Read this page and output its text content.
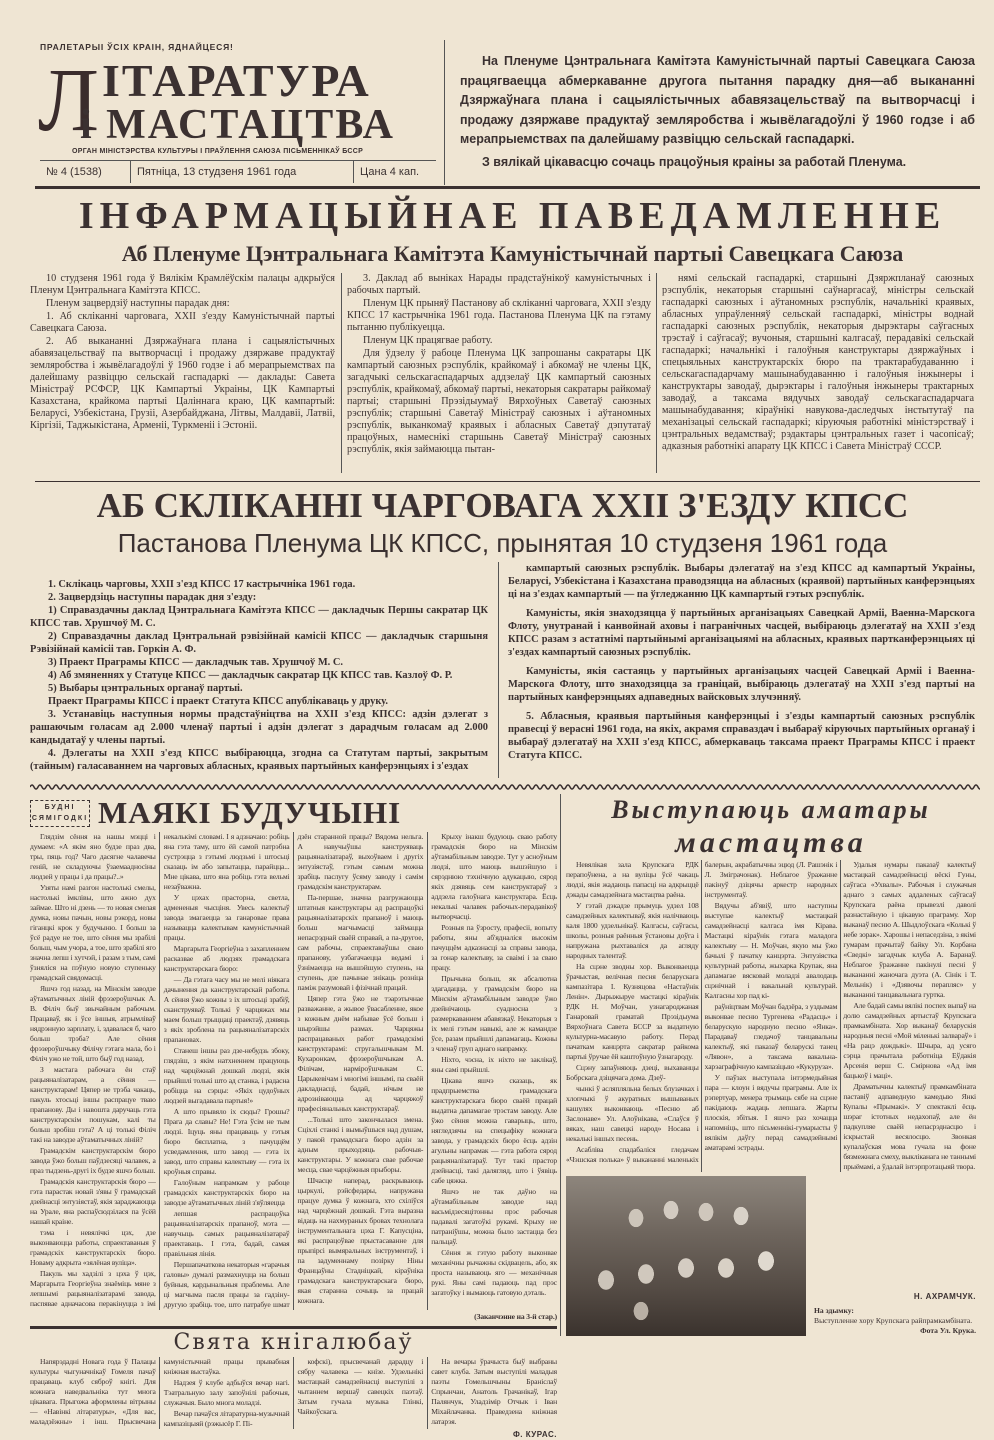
ПРАЛЕТАРЫІ ЎСІХ КРАІН, ЯДНАЙЦЕСЯ!
Л ІТАРАТУРА
і МАСТАЦТВА
ОРГАН МІНІСТЭРСТВА КУЛЬТУРЫ І ПРАЎЛЕННЯ САЮЗА ПІСЬМЕННІКАЎ БССР
№ 4 (1538)	Пятніца, 13 студзеня 1961 года	Цана 4 кап.

На Пленуме Цэнтральнага Камітэта Камуністычнай партыі Савецкага Саюза працягваецца абмеркаванне другога пытання парадку дня—аб выкананні Дзяржаўнага плана і сацыялістычных абавязацельстваў па вытворчасці і продажу дзяржаве прадуктаў земляробства і жывёлагадоўлі ў 1960 годзе і аб мерапрыемствах па далейшаму развіццю сельскай гаспадаркі.

З вялікай цікавасцю сочаць працоўныя краіны за работай Пленума.

ІНФАРМАЦЫЙНАЕ ПАВЕДАМЛЕННЕ
Аб Пленуме Цэнтральнага Камітэта Камуністычнай партыі Савецкага Саюза

10 студзеня 1961 года ў Вялікім Крамлёўскім палацы адкрыўся Пленум Цэнтральнага Камітэта КПСС.

Пленум зацвердзіў наступны парадак дня:

1. Аб скліканні чарговага, XXII з'езду Камуністычнай партыі Савецкага Саюза.

2. Аб выкананні Дзяржаўнага плана і сацыялістычных абавязацельстваў па вытворчасці і продажу дзяржаве прадуктаў земляробства і жывёлагадоўлі ў 1960 годзе і аб мерапрыемствах па далейшаму развіццю сельскай гаспадаркі — даклады: Савета Міністраў РСФСР, ЦК Кампартыі Украіны, ЦК Кампартыі Казахстана, крайкома партыі Цаліннага краю, ЦК кампартый: Беларусі, Узбекістана, Грузіі, Азербайджана, Літвы, Малдавіі, Латвіі, Кіргізіі, Таджыкістана, Арменіі, Туркменіі і Эстоніі.

3. Даклад аб выніках Нарады прадстаўнікоў камуністычных і рабочых партый.

Пленум ЦК прыняў Пастанову аб скліканні чарговага, XXII з'езду КПСС 17 кастрычніка 1961 года. Пастанова Пленума ЦК па гэтаму пытанню публікуецца.

Пленум ЦК працягвае работу.

Для ўдзелу ў рабоце Пленума ЦК запрошаны сакратары ЦК кампартый саюзных рэспублік, крайкомаў і абкомаў не члены ЦК, загадчыкі сельскагаспадарчых аддзелаў ЦК кампартый саюзных рэспублік, крайкомаў, абкомаў партыі, некаторыя сакратары райкомаў партыі; старшыні Прэзідыумаў Вярхоўных Саветаў саюзных рэспублік; старшыні Саветаў Міністраў саюзных і аўтаномных рэспублік, выканкомаў краявых і абласных Саветаў дэпутатаў працоўных, намеснікі старшынь Саветаў Міністраў саюзных рэспублік, якія займаюцца пытан-

нямі сельскай гаспадаркі, старшыні Дзяржпланаў саюзных рэспублік, некаторыя старшыні саўнаргасаў, міністры сельскай гаспадаркі саюзных і аўтаномных рэспублік, начальнікі краявых, абласных упраўленняў сельскай гаспадаркі, міністры воднай гаспадаркі саюзных рэспублік, некаторыя дырэктары саўгасных трэстаў і саўгасаў; вучоныя, старшыні калгасаў, перадавікі сельскай гаспадаркі; начальнікі і галоўныя канструктары дзяржаўных і спецыяльных канструктарскіх бюро па трактарабудаванню і сельскагаспадарчаму машынабудаванню і галоўныя інжынеры і канструктары заводаў, дырэктары і галоўныя інжынеры трактарных заводаў, а таксама вядучых заводаў сельскагаспадарчага машынабудавання; кіраўнікі навукова-даследчых інстытутаў па механізацыі сельскай гаспадаркі; кіруючыя работнікі міністэрстваў і цэнтральных ведамстваў; рэдактары цэнтральных газет і часопісаў; адказныя работнікі апарату ЦК КПСС і Савета Міністраў СССР.

АБ СКЛІКАННІ ЧАРГОВАГА XXII З'ЕЗДУ КПСС
Пастанова Пленума ЦК КПСС, прынятая 10 студзеня 1961 года

1. Склікаць чарговы, XXII з'езд КПСС 17 кастрычніка 1961 года.

2. Зацвердзіць наступны парадак дня з'езду:

1) Справаздачны даклад Цэнтральнага Камітэта КПСС — дакладчык Першы сакратар ЦК КПСС тав. Хрушчоў М. С.

2) Справаздачны даклад Цэнтральнай рэвізійнай камісіі КПСС — дакладчык старшыня Рэвізійнай камісіі тав. Горкін А. Ф.

3) Праект Праграмы КПСС — дакладчык тав. Хрушчоў М. С.

4) Аб змяненнях у Статуце КПСС — дакладчык сакратар ЦК КПСС тав. Казлоў Ф. Р.

5) Выбары цэнтральных органаў партыі.

Праект Праграмы КПСС і праект Статута КПСС апублікаваць у друку.

3. Устанавіць наступныя нормы прадстаўніцтва на XXII з'езд КПСС: адзін дэлегат з рашаючым голасам ад 2.000 членаў партыі і адзін дэлегат з дарадчым голасам ад 2.000 кандыдатаў у члены партыі.

4. Дэлегаты на XXII з'езд КПСС выбіраюцца, згодна са Статутам партыі, закрытым (тайным) галасаваннем на чарговых абласных, краявых партыйных канферэнцыях і з'ездах

кампартый саюзных рэспублік. Выбары дэлегатаў на з'езд КПСС ад кампартый Украіны, Беларусі, Узбекістана і Казахстана праводзяцца на абласных (краявой) партыйных канферэнцыях ці на з'ездах кампартый — па ўгледжанню ЦК кампартый гэтых рэспублік.

Камуністы, якія знаходзяцца ў партыйных арганізацыях Савецкай Арміі, Ваенна-Марскога Флоту, унутранай і канвойнай аховы і пагранічных часцей, выбіраюць дэлегатаў на XXII з'езд КПСС разам з астатнімі партыйнымі арганізацыямі на абласных, краявых партканферэнцыях ці з'ездах кампартый саюзных рэспублік.

Камуністы, якія састаяць у партыйных арганізацыях часцей Савецкай Арміі і Ваенна-Марскога Флоту, што знаходзяцца за граніцай, выбіраюць дэлегатаў на XXII з'езд партыі на партыйных канферэнцыях адпаведных вайсковых злучэнняў.

5. Абласныя, краявыя партыйныя канферэнцыі і з'езды кампартый саюзных рэспублік правесці ў верасні 1961 года, на якіх, акрамя справаздач і выбараў кіруючых партыйных органаў і выбараў дэлегатаў на XXII з'езд КПСС, абмеркаваць таксама праект Праграмы КПСС і праект Статута КПСС.

БУДНІ
СЯМІГОДКІ МАЯКІ БУДУЧЫНІ

Глядзім сёння на нашы мэцці і думаем: «А якім яно будзе праз два, тры, пяць год? Чаго дасягне чалавечы геній, не складуючы ўзаемаадносіны людзей у працы і да працы?..»

Узяты намі разгон настолькі смелы, настолькі імклівы, што ажно дух займае. Што ні дзень — то новая смелая думка, новы пачын, новы рэкорд, новы гіганцкі крок у будучыню. І больш за ўсё радуе не тое, што сёння мы зрабілі больш, чым учора, а тое, што зрабілі яго значна лепш і хутчэй, і разам з тым, самі ўзняліся на пэўную новую ступеньку грамадскай свядомасці.

Яшчэ год назад, на Мінскім заводзе аўтаматычных ліній фрэзероўшчык А. В. Філіч быў звычайным рабочым. Працаваў, як і ўсе іншыя, атрымліваў нядрэнную зарплату, і, здавалася б, чаго больш трэба? Але сёння фрэзероўшчыку Філічу гэтага мала, бо і Філіч ужо не той, што быў год назад.

З мастага рабочага ён стаў рацыяналізатарам, а сёння — канструктарам! Цяпер не трэба чакаць, пакуль хтосьці іншы распрацуе тваю прапанову. Ды і навошта даручаць гэта канструктарскім пошукам, калі ты больш зробіш гэта? А ці толькі Філіч такі на заводзе аўтаматычных ліній?

Грамадскім канструктарскім бюро завода ўжо больш паўдзесяці чалавек, а праз тыдзень-другі іх будзе яшчэ больш.

Грамадскія канструктарскія бюро — гэта парастак новай з'явы ў грамадскай дзейнасці энтузіястаў, якія зараджаюцца на Урале, яна распаўсюдзілася па ўсёй нашай краіне.

тэма і невялічкі цэх, дзе выконваюцца работы, спраектаваныя ў грамадскіх канструктарскіх бюро. Новаму адкрыта «зялёная вуліца».

Пакуль мы хадзілі з цэха ў цэх, Маргарыта Георгіеўна знаёміць мяне з лепшымі рацыяналізатарамі завода, паспявае адначасова перакінуцца з імі некалькімі словамі. І я адзначаю: робіць яна гэта таму, што ёй самой патрэбна сустрэцца з гэтымі людзьмі і штосьці сказаць ім або запытацца, парайцца... Мне цікава, што яна робіць гэта вельмі незаўважна.

У цэхах прасторна, светла, адмененыя чысціня. Увесь калектыў завода змагаецца за ганаровае права называцца калектывам камуністычнай працы.

Маргарыта Георгіеўна з захапленнем расказвае аб людзях грамадскага канструктарскага бюро:

— Да гэтага часу мы не мелі ніякага дачынення да канструктарскай работы. А сёння ўжо кожны з іх штосьці зрабіў, сканструяваў. Толькі ў чарцяжах мы маем больш трыццаці праектаў, дзявяць з якіх зроблена па рацыяналізатарскіх прапановах.

Станеш іншы раз дзе-небудзь збоку, глядзіш, з якім натхненнем працуюць над чарцёжнай дошкай людзі, якія прыйшлі толькі што ад станка, і радасна робіцца на сэрцы: «Якіх цудоўных людзей выгадавала партыя!»

А што прывяло іх сюды? Грошы? Прага да славы? Не! Гэта ўсім не тым людзі. Іцуць яны працаваць у гэтыя бюро бясплатна, з пачуццём усведамлення, што завод — гэта іх завод, што справы калектыву — гэта іх кроўныя справы.

Галоўным напрамкам у рабоце грамадскіх канструктарскіх бюро на заводзе аўтаматычных ліній з'яўляецца

лепшая распрацоўка рацыяналізатарскіх прапаноў, мэта — навучыць самых рацыяналізатараў праектаваць. І гэта, бадай, самая правільная лінія.

Першапачаткова некаторыя «гарачыя галовы» думалі размахнуцца на больш буйныя, кардынальныя праблемы. Але ці магчыма пасля працы за гадзіну-другую зрабіць тое, што патрабуе шмат дзён старанной працы? Вядома нельга. А навучыўшы канструяваць рацыяналізатараў, выхоўваем і другіх энтузіястаў, гэтым самым можна зрабіць паслугу ўсяму заводу і самім грамадскім канструктарам.

Па-першае, значна разгружаюцца штатныя канструктары ад распрацоўкі рацыяналізатарскіх прапаноў і маюць больш магчымасці займацца непасрэднай сваёй справай, а па-другое, сам рабочы, спраектаваўшы сваю прапанову, узбагачаецца ведамі і ўзнімаецца на вышэйшую ступень, на ступень, дзе пачынае знікаць розніца паміж разумовай і фізічнай працай.

Цяпер гэта ўжо не тэарэтычнае разважанне, а жывое ўвасабленне, якое з кожным днём набывае ўсё больш і шырэйшы размах. Чарцяжы распрацаваных работ грамадскімі канструктарамі: стругальшчыкам М. Кухаронкам, фрэзероўшчыкам А. Філічам, нарміроўшчыкам С. Царыкевічам і многімі іншымі, па сваёй дакладнасці, бадай, нічым не адрозніваюцца ад чарцяжоў прафесіянальных канструктараў.

...Толькі што закончылася змена. Сціхлі станкі і вымыўшыся над душам, у пакой грамадскага бюро адзін за адным прыходзяць рабочыя-канструктары. У кожнага свае рабочае месца, свае чарцёжныя прыборы.

Шчасце наперад, раскрываюць цыркулі, рэйсфедары, напружана працуе думка ў кожнага, хто схіліўся над чарцёжнай дошкай. Гэта выразна відаць на нахмураных бровах технолага інструментальнага цэха Г. Капусціна, які распрацоўвае прыстасаванне для прыпірсі вымяральных інструментаў, і па задуменнаму позірку Ніны Францаўны Стадніцкай, кіраўніка грамадскага канструктарскага бюро, якая старанна сочыць за працай кожнага.

Крыху інакш будуюць сваю работу грамадскія бюро на Мінскім аўтамабільным заводзе. Тут у асноўным людзі, што маюць вышэйшую і сярэднюю тэхнічную адукацыю, сярод якіх дзявяць сем канструктараў з аддзела галоўнага канструктара. Ёсць некалькі чалавек рабочых-перадавікоў вытворчасці.

Розныя па ўзросту, прафесіі, вопыту работы, яны аб'ядналіся высокім пачуццём адказнасці за справы завода, за гонар калектыву, за сваімі і за сваю працу.

Прычына больш, як абсалютна здагадацца, у грамадскім бюро на Мінскім аўтамабільным заводзе ўжо дзейнічаюць суадносна з размеркаваннем абавязкаў. Некаторыя з іх мелі гэтым навыкі, але ж камандзе ўсе, разам прыйшлі дапамагаць. Кожны з членаў груп аднаго напрамку.

Ніхто, чэсна, іх ніхто не заклікаў, яны самі прыйшлі.

Цікава яшчэ сказаць, як прадпрыемства грамадскага канструктарскага бюро сваёй працай выдатна дапамагае трэстам заводу. Але ўжо сёння можна гаварыць, што, нягледзячы на спецыфіку кожнага завода, у грамадскіх бюро ёсць адзін агульны напрамак — гэта работа сярод рацыяналізатараў. Тут такі прастор дзейнасці, такі далягляд, што і ўявіць сабе цяжка.

Яшчэ не так даўно на аўтамабільным заводзе над васьмідзесяцітонны прэс рабочыя падавалі загатоўкі рукамі. Крыху не патраніўшы, можна было застацца без пальцаў.

Сёння ж гэтую работу выконвае механічны рычажны скідвацель, або, як проста называюць яго — механічныя рукі. Яны самі падаюць пад прэс загатоўку і вымаюць гатовую дэталь.

(Заканчэнне на 3-й стар.)
Свята кнігалюбаў

Напярэдадні Новага года ў Палацы культуры чыгуначнікаў Гомеля пачаў працаваць клуб сяброў кнігі. Для кожнага наведвальніка тут многа цікавага. Прыгожа аформлены вітрыны — «Навінкі літаратуры», «Для вас, маладзёжны» і інш. Прысвечана камуністычнай працы прывабная кніжная выстаўка.

Надзея ў клубе адбыўся вечар нагі. Тэатральную залу запоўнілі рабочыя, служачыя. Было многа моладзі.

Вечар пачаўся літаратурна-музычнай кампазіцыяй (рэжысёр Г. Пі-

кофскі), прысвечанай дарадцу і сябру чалавека — кнізе. Удзельнікі мастацкай самадзейнасці выступілі з чытаннем вершаў савецкіх паэтаў. Затым гучала музыка Глінкі, Чайкоўскага.

На вечары ўрачыста быў выбраны савет клуба. Затым выступілі маладыя паэты Гомельшчыны Браніслаў Спрынчан, Анатоль Грачанікаў, Ігар Палянчук, Уладзімір Отчык і Іван Міхайлачанка. Праведзена кніжная латарэя.

Ф. КУРАС.
Выступаюць аматары
мастацтва

Невялікая зала Крупскага РДК перапоўнена, а на вуліцы ўсё чакаць людзі, якія жадаюць папасці на адкрыццё дэкады самадзейнага мастацтва раёна.

У гэтай дэкадзе прымуць удзел 108 самадзейных калектываў, якія налічваюць каля 1800 удзельнікаў. Калгасы, саўгасы, школы, розныя раённыя ўстановы доўга і напружана рыхтаваліся да агляду народных талентаў.

На сцэне зводны хор. Выконваецца ўрачыстая, велічная песня беларускага кампазітара І. Кузняцова «Настаўнік Ленін». Дырыжыруе мастацкі кіраўнік РДК Н. Мoўчан, узнагароджаная Ганаровай граматай Прэзідыума Вярхоўнага Савета БССР за выдатную культурна-масавую работу. Перад пачаткам канцэрта сакратар райкома партыі ўручае ёй каштоўную ўзнагароду.

Сцэну запаўняюць дзеці, выхаванцы Бобрскага дзіцячага дома. Дзеў-

чынкі ў асляпляльна белых блузачках і хлопчыкі ў акуратных вышываных кашулях выконваюць «Песню аб Заслонаве» Ул. Алоўнікава, «Слаўся ў вяках, наш савецкі народ» Носава і некалькі іншых песень.

Асабліва спадабаліся гледачам «Чэшская полька» ў выкананні маленькіх балерын, акрабатычны эцюд (Л. Рашэнік і Л. Зміграчонак). Неблагое ўражанне пакінуў дзіцячы аркестр народных інструментаў.

Вядучы аб'явіў, што наступны выступае калектыў мастацкай самадзейнасці калгаса імя Кірава. Мастацкі кіраўнік гэтага маладога калектыву — Н. Мoўчан, якую мы ўжо бачылі ў пачатку канцэрта. Энтузіястка культурнай работы, жыхарка Крупак, яна дапамагае вясковай моладзі авалодаць сцэнічнай і вакальнай культурай. Калгасны хор пад кі-

раўніцтвам Мoўчан бадзёра, з уздымам выконвае песню Тургенева «Радасць» і беларускую народную песню «Янка». Парадаваў гледачоў танцавальны калектыў, які паказаў беларускі танец «Лявон», а таксама вакальна-харэаграфічную кампазіцыю «Кукуруза».

У паўзах выступала інтэрмедыйная пара — клоун і вядучы праграмы. Але іх рэпертуар, менера трымаць сябе на сцэне пакідаюць жадаць лепшага. Жарты плоскія, збітыя. І яшчэ раз хочацца напомніць, што пісьменнікі-гумарысты ў вялікім даўгу перад самадзейнымі аматарамі эстрады.

Удалыя нумары паказаў калектыў мастацкай самадзейнасці вёскі Гуны, саўгаса «Ухвалы». Рабочыя і служачыя аднаго з самых аддаленых саўгасаў Крупскага раёна прывезлі даволі разнастайную і цікавую праграму. Хор выканаў песню А. Шыдлоўскага «Колькі ў небе зорак». Харошы і непаседзіна, з якімі гумарам прачытаў байку Ул. Корбана «Сведкі» загадчык клуба А. Баранаў. Неблагое ўражанне пакінулі песні ў выкананні жаночага дуэта (А. Сінік і Т. Мельнік) і «Дзявочы перапляс» у выкананні танцавальнага гуртка.

Але бадай самы вялікі поспех выпаў на долю самадзейных артыстаў Крупскага прамкамбіната. Хор выканаў беларускія народныя песні «Мой міленькі залвараў» і «На рацэ дождыкі». Шчыра, ад усяго сэрца прачытала работніца Еўдакія Арсенія верш С. Смірнова «Ад імя бацькоў і маці».

Драматычны калектыў прамкамбіната паставіў адпаведную камедыю Янкі Купалы «Прымакі». У спектаклі ёсць шэраг істотных недахопаў, але ён падкупляе сваёй непасрэднасцю і іскрыстай весялосцю. Звонкая купалаўская мова гучала на фоне бязмежнага смеху, выкліканага не таннымі прыёмамі, а ўдалай інтэрпрэтацыяй твора.

Н. АХРАМЧУК.
На здымку:
Выступленне хору Крупскага райпрамкамбіната.
Фота Ул. Крука.
